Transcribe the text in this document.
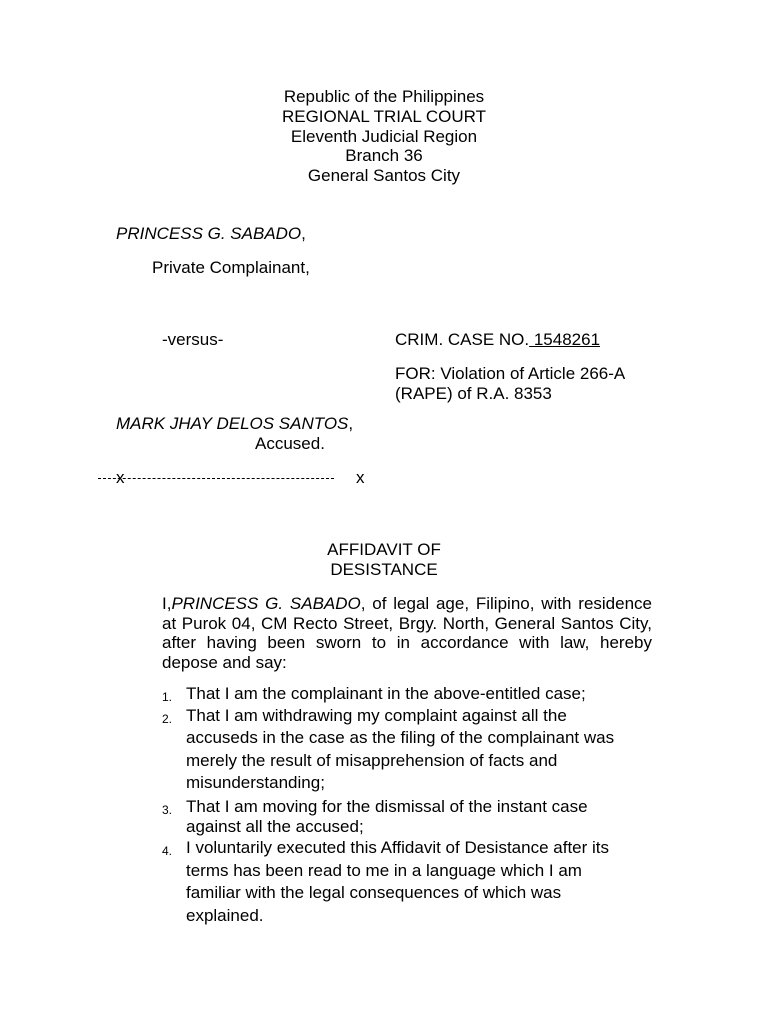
Republic of the Philippines
REGIONAL TRIAL COURT
Eleventh Judicial Region
Branch 36
General Santos City
PRINCESS G. SABADO,
Private Complainant,
-versus-	CRIM. CASE NO. 1548261
FOR: Violation of Article 266-A
(RAPE) of R.A. 8353
MARK JHAY DELOS SANTOS,
Accused.
x	x
AFFIDAVIT OF
DESISTANCE
I,PRINCESS G. SABADO, of legal age, Filipino, with residence at Purok 04, CM Recto Street, Brgy. North, General Santos City, after having been sworn to in accordance with law, hereby depose and say:
1. That I am the complainant in the above-entitled case;
2. That I am withdrawing my complaint against all the accuseds in the case as the filing of the complainant was merely the result of misapprehension of facts and misunderstanding;
3. That I am moving for the dismissal of the instant case against all the accused;
4. I voluntarily executed this Affidavit of Desistance after its terms has been read to me in a language which I am familiar with the legal consequences of which was explained.
